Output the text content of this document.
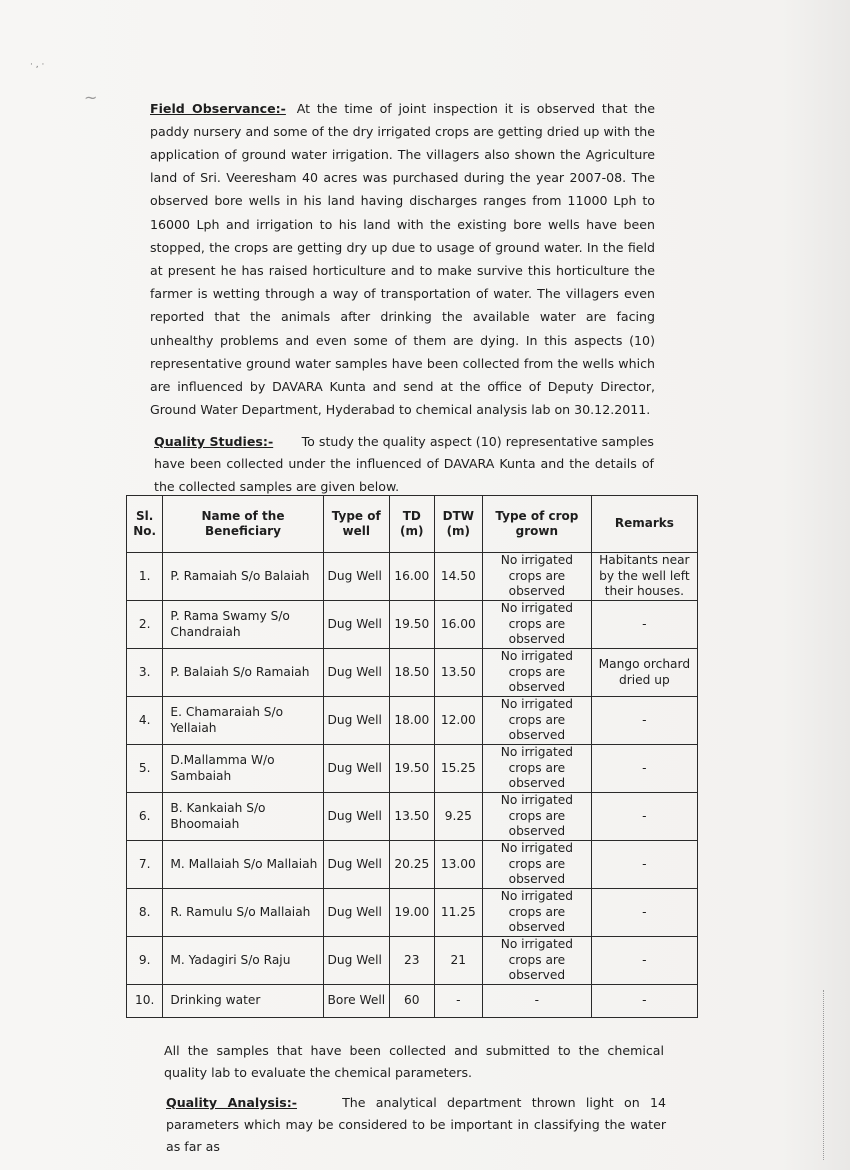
· , ·
~

Field Observance:- At the time of joint inspection it is observed that the paddy nursery and some of the dry irrigated crops are getting dried up with the application of ground water irrigation. The villagers also shown the Agriculture land of Sri. Veeresham 40 acres was purchased during the year 2007-08. The observed bore wells in his land having discharges ranges from 11000 Lph to 16000 Lph and irrigation to his land with the existing bore wells have been stopped, the crops are getting dry up due to usage of ground water. In the field at present he has raised horticulture and to make survive this horticulture the farmer is wetting through a way of transportation of water. The villagers even reported that the animals after drinking the available water are facing unhealthy problems and even some of them are dying. In this aspects (10) representative ground water samples have been collected from the wells which are influenced by DAVARA Kunta and send at the office of Deputy Director, Ground Water Department, Hyderabad to chemical analysis lab on 30.12.2011.

Quality Studies:- To study the quality aspect (10) representative samples have been collected under the influenced of DAVARA Kunta and the details of the collected samples are given below.

Sl. No.	Name of the Beneficiary	Type of well	TD (m)	DTW (m)	Type of crop grown	Remarks
1.	P. Ramaiah S/o Balaiah	Dug Well	16.00	14.50	No irrigated crops are observed	Habitants near by the well left their houses.
2.	P. Rama Swamy S/o Chandraiah	Dug Well	19.50	16.00	No irrigated crops are observed	-
3.	P. Balaiah S/o Ramaiah	Dug Well	18.50	13.50	No irrigated crops are observed	Mango orchard dried up
4.	E. Chamaraiah S/o Yellaiah	Dug Well	18.00	12.00	No irrigated crops are observed	-
5.	D.Mallamma W/o Sambaiah	Dug Well	19.50	15.25	No irrigated crops are observed	-
6.	B. Kankaiah S/o Bhoomaiah	Dug Well	13.50	9.25	No irrigated crops are observed	-
7.	M. Mallaiah S/o Mallaiah	Dug Well	20.25	13.00	No irrigated crops are observed	-
8.	R. Ramulu S/o Mallaiah	Dug Well	19.00	11.25	No irrigated crops are observed	-
9.	M. Yadagiri S/o Raju	Dug Well	23	21	No irrigated crops are observed	-
10.	Drinking water	Bore Well	60	-	-	-

All the samples that have been collected and submitted to the chemical quality lab to evaluate the chemical parameters.

Quality Analysis:-	The analytical department thrown light on 14 parameters which may be considered to be important in classifying the water as far as
